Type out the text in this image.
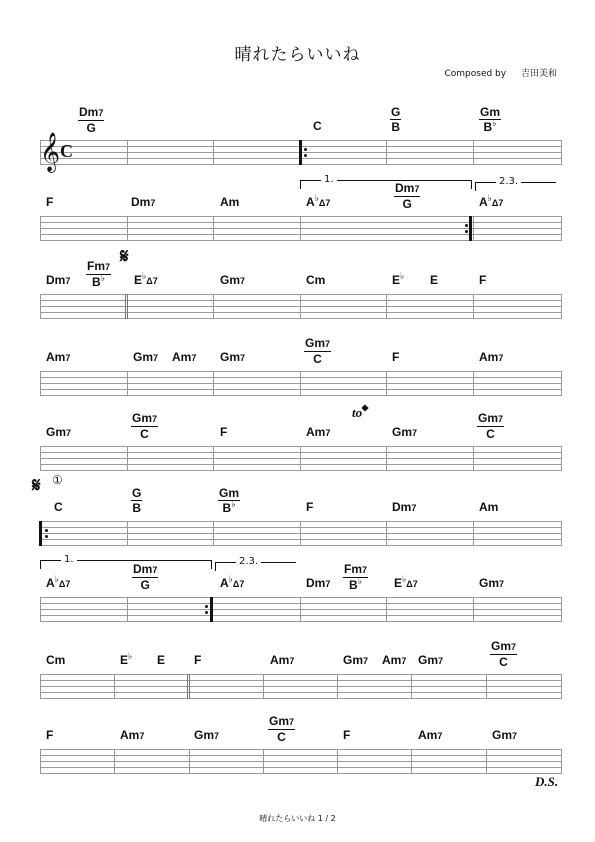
晴れたらいいね
Composed by 吉田美和
Dm7
G	C
G
B
Gm
B♭
F	Dm7	Am	A♭Δ7
Dm7
G	A♭Δ7
Dm7
Fm7
B♭	E♭Δ7	Gm7	Cm	E♭ E	F
Am7	Gm7 Am7 Gm7
Gm7
C	F	Am7
Gm7
Gm7
C	F	Am7	Gm7
Gm7
C
C
G
B
Gm
B♭	F	Dm7	Am
A♭Δ7
Dm7
G	A♭Δ7	Dm7
Fm7
B♭	E♭Δ7	Gm7
Cm	E♭ E F	Am7	Gm7 Am7 Gm7
Gm7
C
F	Am7	Gm7
Gm7
C	F	Am7	Gm7
𝄞 C
1.	2.3.
1.	2.3.
𝄋
𝄋 ①
to𝄌
D.S.
晴れたらいいね 1 / 2
